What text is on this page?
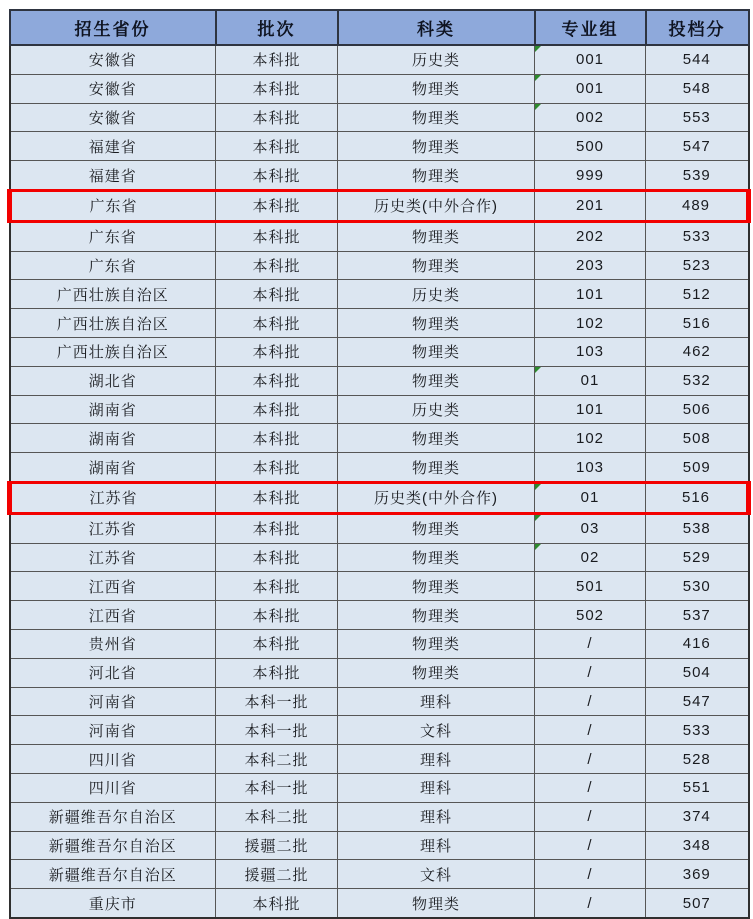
招生省份	批次	科类	专业组	投档分
安徽省	本科批	历史类	001	544
安徽省	本科批	物理类	001	548
安徽省	本科批	物理类	002	553
福建省	本科批	物理类	500	547
福建省	本科批	物理类	999	539
广东省	本科批	历史类(中外合作)	201	489
广东省	本科批	物理类	202	533
广东省	本科批	物理类	203	523
广西壮族自治区	本科批	历史类	101	512
广西壮族自治区	本科批	物理类	102	516
广西壮族自治区	本科批	物理类	103	462
湖北省	本科批	物理类	01	532
湖南省	本科批	历史类	101	506
湖南省	本科批	物理类	102	508
湖南省	本科批	物理类	103	509
江苏省	本科批	历史类(中外合作)	01	516
江苏省	本科批	物理类	03	538
江苏省	本科批	物理类	02	529
江西省	本科批	物理类	501	530
江西省	本科批	物理类	502	537
贵州省	本科批	物理类	/	416
河北省	本科批	物理类	/	504
河南省	本科一批	理科	/	547
河南省	本科一批	文科	/	533
四川省	本科二批	理科	/	528
四川省	本科一批	理科	/	551
新疆维吾尔自治区	本科二批	理科	/	374
新疆维吾尔自治区	援疆二批	理科	/	348
新疆维吾尔自治区	援疆二批	文科	/	369
重庆市	本科批	物理类	/	507
